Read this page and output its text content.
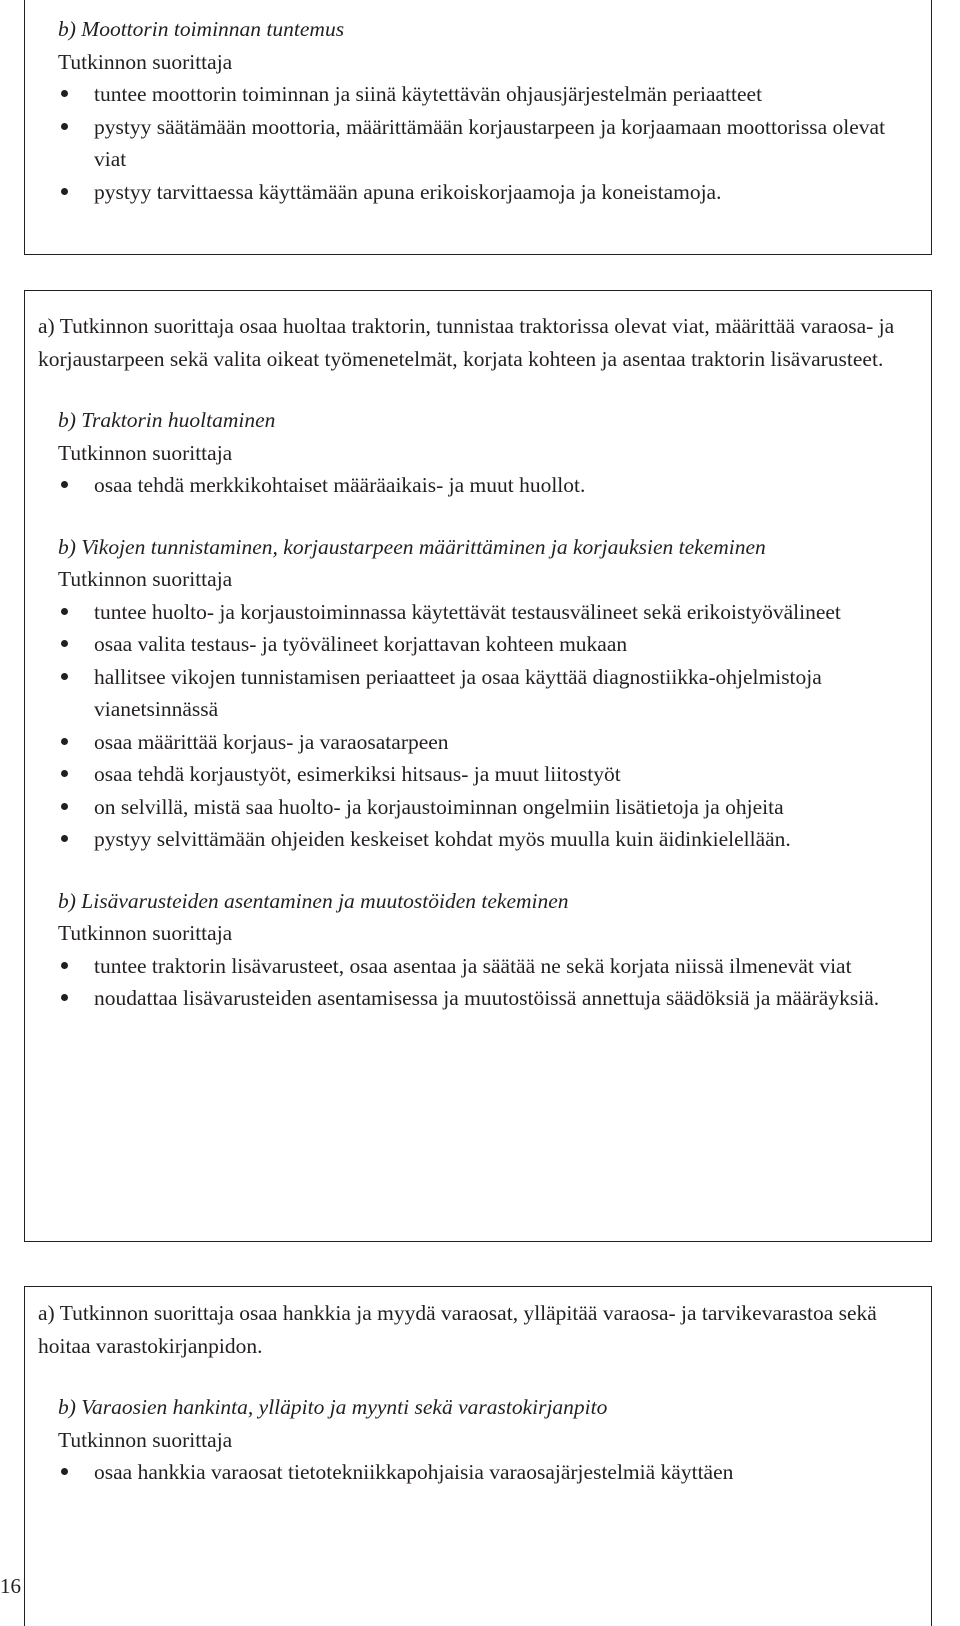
b) Moottorin toiminnan tuntemus

Tutkinnon suorittaja

tuntee moottorin toiminnan ja siinä käytettävän ohjausjärjestelmän periaatteet
pystyy säätämään moottoria, määrittämään korjaustarpeen ja korjaamaan moottorissa olevat viat
pystyy tarvittaessa käyttämään apuna erikoiskorjaamoja ja koneistamoja.

a) Tutkinnon suorittaja osaa huoltaa traktorin, tunnistaa traktorissa olevat viat, määrittää varaosa- ja korjaustarpeen sekä valita oikeat työmenetelmät, korjata kohteen ja asentaa traktorin lisävarusteet.

b) Traktorin huoltaminen

Tutkinnon suorittaja

osaa tehdä merkkikohtaiset määräaikais- ja muut huollot.

b) Vikojen tunnistaminen, korjaustarpeen määrittäminen ja korjauksien tekeminen

Tutkinnon suorittaja

tuntee huolto- ja korjaustoiminnassa käytettävät testausvälineet sekä erikoistyövälineet
osaa valita testaus- ja työvälineet korjattavan kohteen mukaan
hallitsee vikojen tunnistamisen periaatteet ja osaa käyttää diagnostiikka-ohjelmistoja vianetsinnässä
osaa määrittää korjaus- ja varaosatarpeen
osaa tehdä korjaustyöt, esimerkiksi hitsaus- ja muut liitostyöt
on selvillä, mistä saa huolto- ja korjaustoiminnan ongelmiin lisätietoja ja ohjeita
pystyy selvittämään ohjeiden keskeiset kohdat myös muulla kuin äidinkielellään.

b) Lisävarusteiden asentaminen ja muutostöiden tekeminen

Tutkinnon suorittaja

tuntee traktorin lisävarusteet, osaa asentaa ja säätää ne sekä korjata niissä ilmenevät viat
noudattaa lisävarusteiden asentamisessa ja muutostöissä annettuja säädöksiä ja määräyksiä.

a) Tutkinnon suorittaja osaa hankkia ja myydä varaosat, ylläpitää varaosa- ja tarvikevarastoa sekä hoitaa varastokirjanpidon.

b) Varaosien hankinta, ylläpito ja myynti sekä varastokirjanpito

Tutkinnon suorittaja

osaa hankkia varaosat tietotekniikkapohjaisia varaosajärjestelmiä käyttäen
16
